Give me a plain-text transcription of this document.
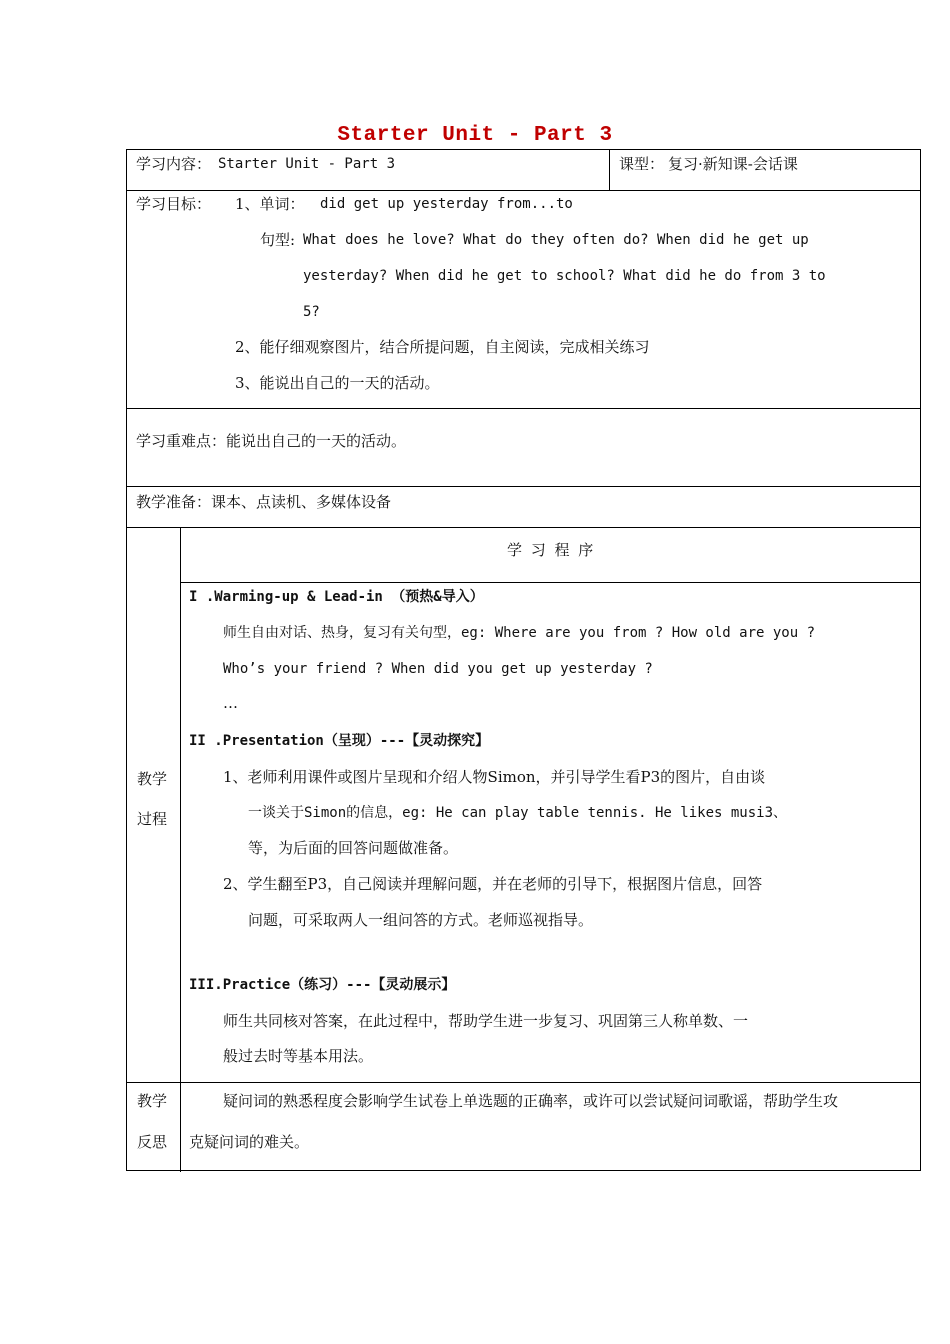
Starter Unit - Part 3
学习内容： Starter Unit - Part 3	课型： 复习·新知课-会话课
学习目标： 1、单词： did get up yesterday from...to
句型: What does he love? What do they often do? When did he get up
yesterday? When did he get to school? What did he do from 3 to
5?
2、能仔细观察图片，结合所提问题，自主阅读，完成相关练习
3、能说出自己的一天的活动。
学习重难点：能说出自己的一天的活动。
教学准备：课本、点读机、多媒体设备
教学
过程
学 习 程 序
I .Warming-up & Lead-in （预热&导入）
师生自由对话、热身，复习有关句型，eg: Where are you from ? How old are you ?
Who’s your friend ? When did you get up yesterday ?
…
II .Presentation（呈现）---【灵动探究】
1、老师利用课件或图片呈现和介绍人物Simon，并引导学生看P3的图片，自由谈
一谈关于Simon的信息，eg: He can play table tennis. He likes musi3、
等，为后面的回答问题做准备。
2、学生翻至P3，自己阅读并理解问题，并在老师的引导下，根据图片信息，回答
问题，可采取两人一组问答的方式。老师巡视指导。
III.Practice（练习）---【灵动展示】
师生共同核对答案，在此过程中，帮助学生进一步复习、巩固第三人称单数、一
般过去时等基本用法。
教学
反思
疑问词的熟悉程度会影响学生试卷上单选题的正确率，或许可以尝试疑问词歌谣，帮助学生攻
克疑问词的难关。
